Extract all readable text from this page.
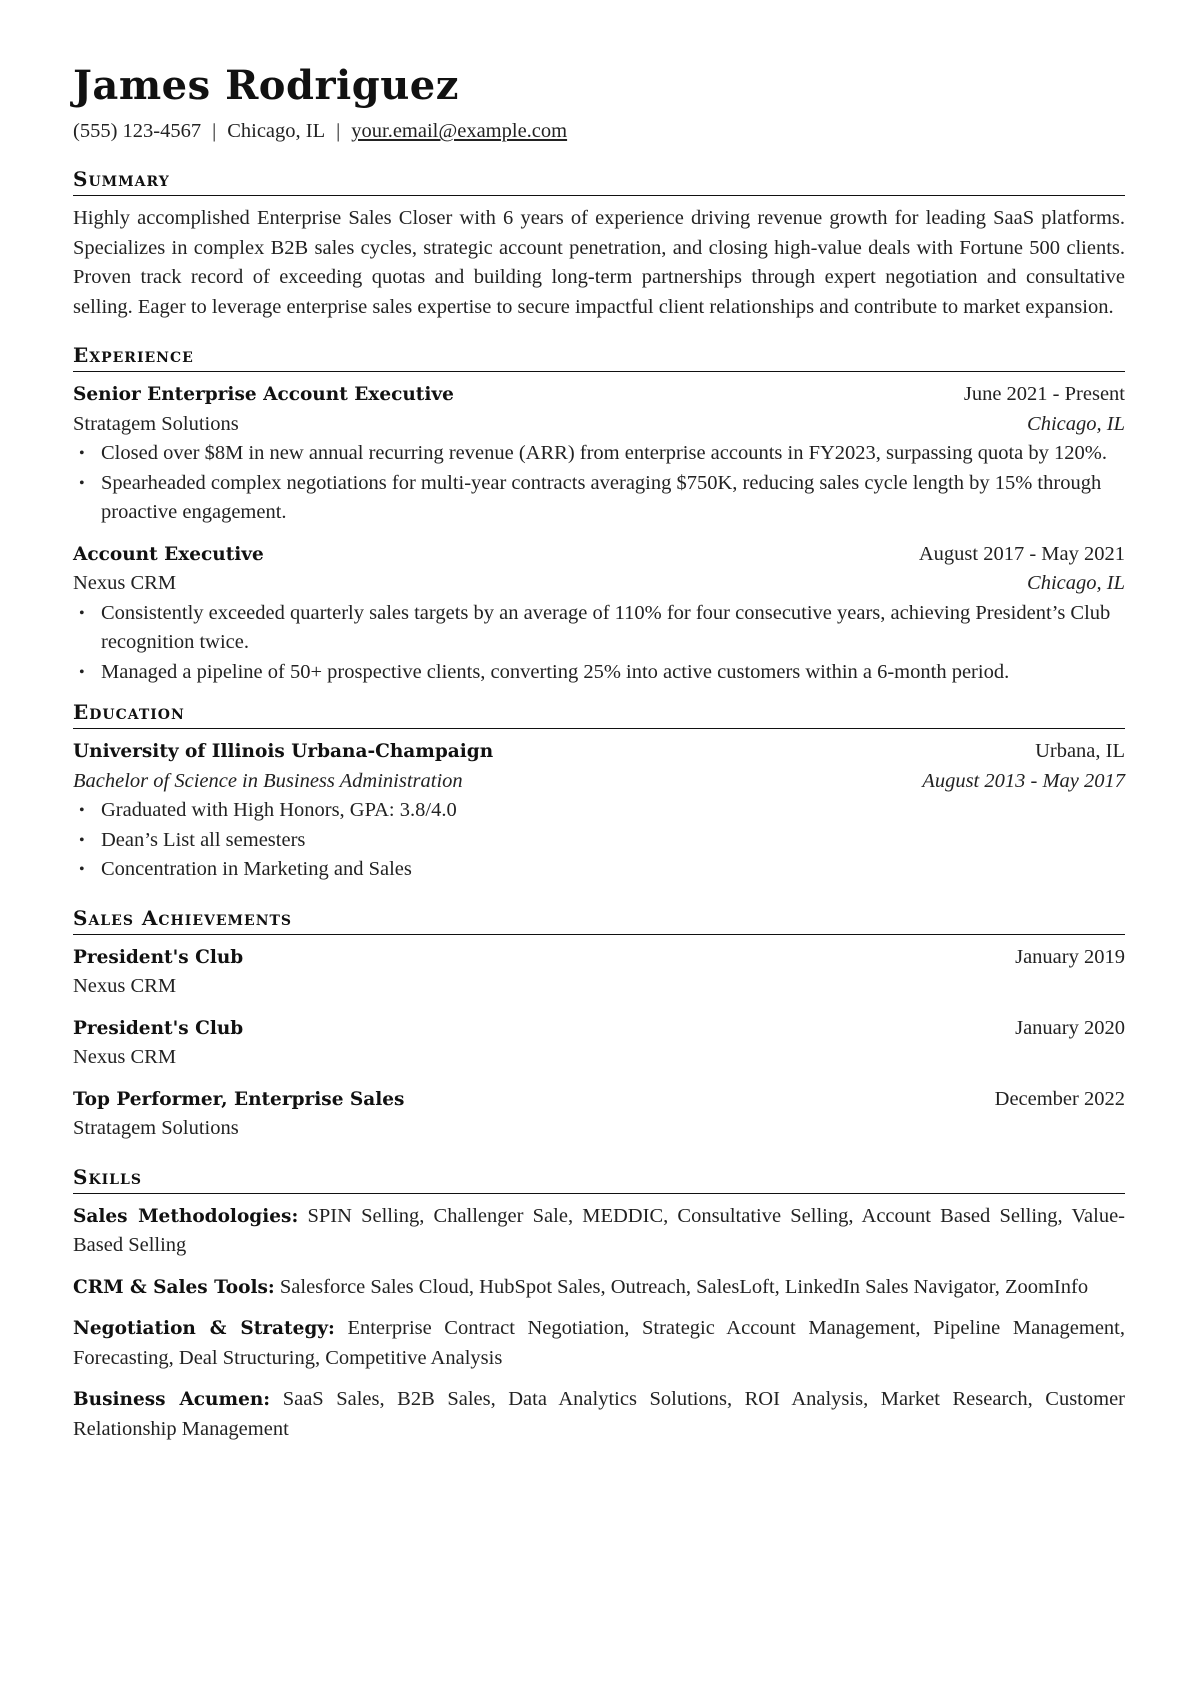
James Rodriguez
(555) 123-4567 | Chicago, IL | your.email@example.com
Summary
Highly accomplished Enterprise Sales Closer with 6 years of experience driving revenue growth for leading SaaS platforms. Specializes in complex B2B sales cycles, strategic account penetration, and closing high-value deals with Fortune 500 clients. Proven track record of exceeding quotas and building long-term partnerships through expert negotiation and consultative selling. Eager to leverage enterprise sales expertise to secure impactful client relationships and contribute to market expansion.
Experience
Senior Enterprise Account Executive	June 2021 - Present
Stratagem Solutions	Chicago, IL
• Closed over $8M in new annual recurring revenue (ARR) from enterprise accounts in FY2023, surpassing quota by 120%.
• Spearheaded complex negotiations for multi-year contracts averaging $750K, reducing sales cycle length by 15% through proactive engagement.
Account Executive	August 2017 - May 2021
Nexus CRM	Chicago, IL
• Consistently exceeded quarterly sales targets by an average of 110% for four consecutive years, achieving President’s Club recognition twice.
• Managed a pipeline of 50+ prospective clients, converting 25% into active customers within a 6-month period.
Education
University of Illinois Urbana-Champaign	Urbana, IL
Bachelor of Science in Business Administration	August 2013 - May 2017
• Graduated with High Honors, GPA: 3.8/4.0
• Dean’s List all semesters
• Concentration in Marketing and Sales
Sales Achievements
President's Club	January 2019
Nexus CRM
President's Club	January 2020
Nexus CRM
Top Performer, Enterprise Sales	December 2022
Stratagem Solutions
Skills
Sales Methodologies: SPIN Selling, Challenger Sale, MEDDIC, Consultative Selling, Account Based Selling, Value-Based Selling
CRM & Sales Tools: Salesforce Sales Cloud, HubSpot Sales, Outreach, SalesLoft, LinkedIn Sales Navigator, ZoomInfo
Negotiation & Strategy: Enterprise Contract Negotiation, Strategic Account Management, Pipeline Management, Forecasting, Deal Structuring, Competitive Analysis
Business Acumen: SaaS Sales, B2B Sales, Data Analytics Solutions, ROI Analysis, Market Research, Customer Relationship Management
